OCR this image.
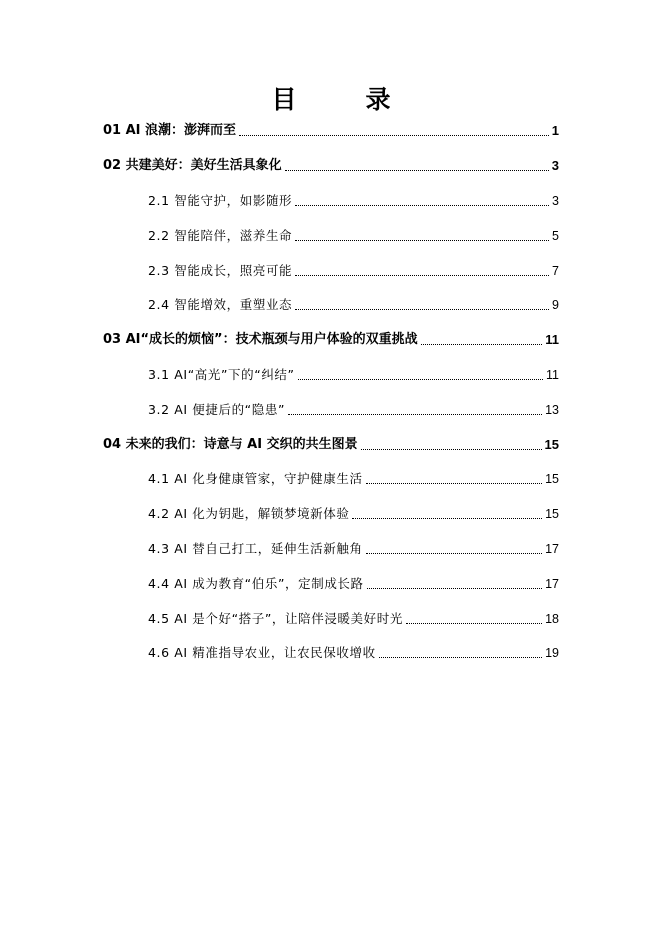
目　录
01 AI 浪潮：澎湃而至	1
02 共建美好：美好生活具象化	3
2.1 智能守护，如影随形	3
2.2 智能陪伴，滋养生命	5
2.3 智能成长，照亮可能	7
2.4 智能增效，重塑业态	9
03 AI“成长的烦恼”：技术瓶颈与用户体验的双重挑战	11
3.1 AI“高光”下的“纠结”	11
3.2 AI 便捷后的“隐患”	13
04 未来的我们：诗意与 AI 交织的共生图景	15
4.1 AI 化身健康管家，守护健康生活	15
4.2 AI 化为钥匙，解锁梦境新体验	15
4.3 AI 替自己打工，延伸生活新触角	17
4.4 AI 成为教育“伯乐”，定制成长路	17
4.5 AI 是个好“搭子”，让陪伴浸暖美好时光	18
4.6 AI 精准指导农业，让农民保收增收	19
